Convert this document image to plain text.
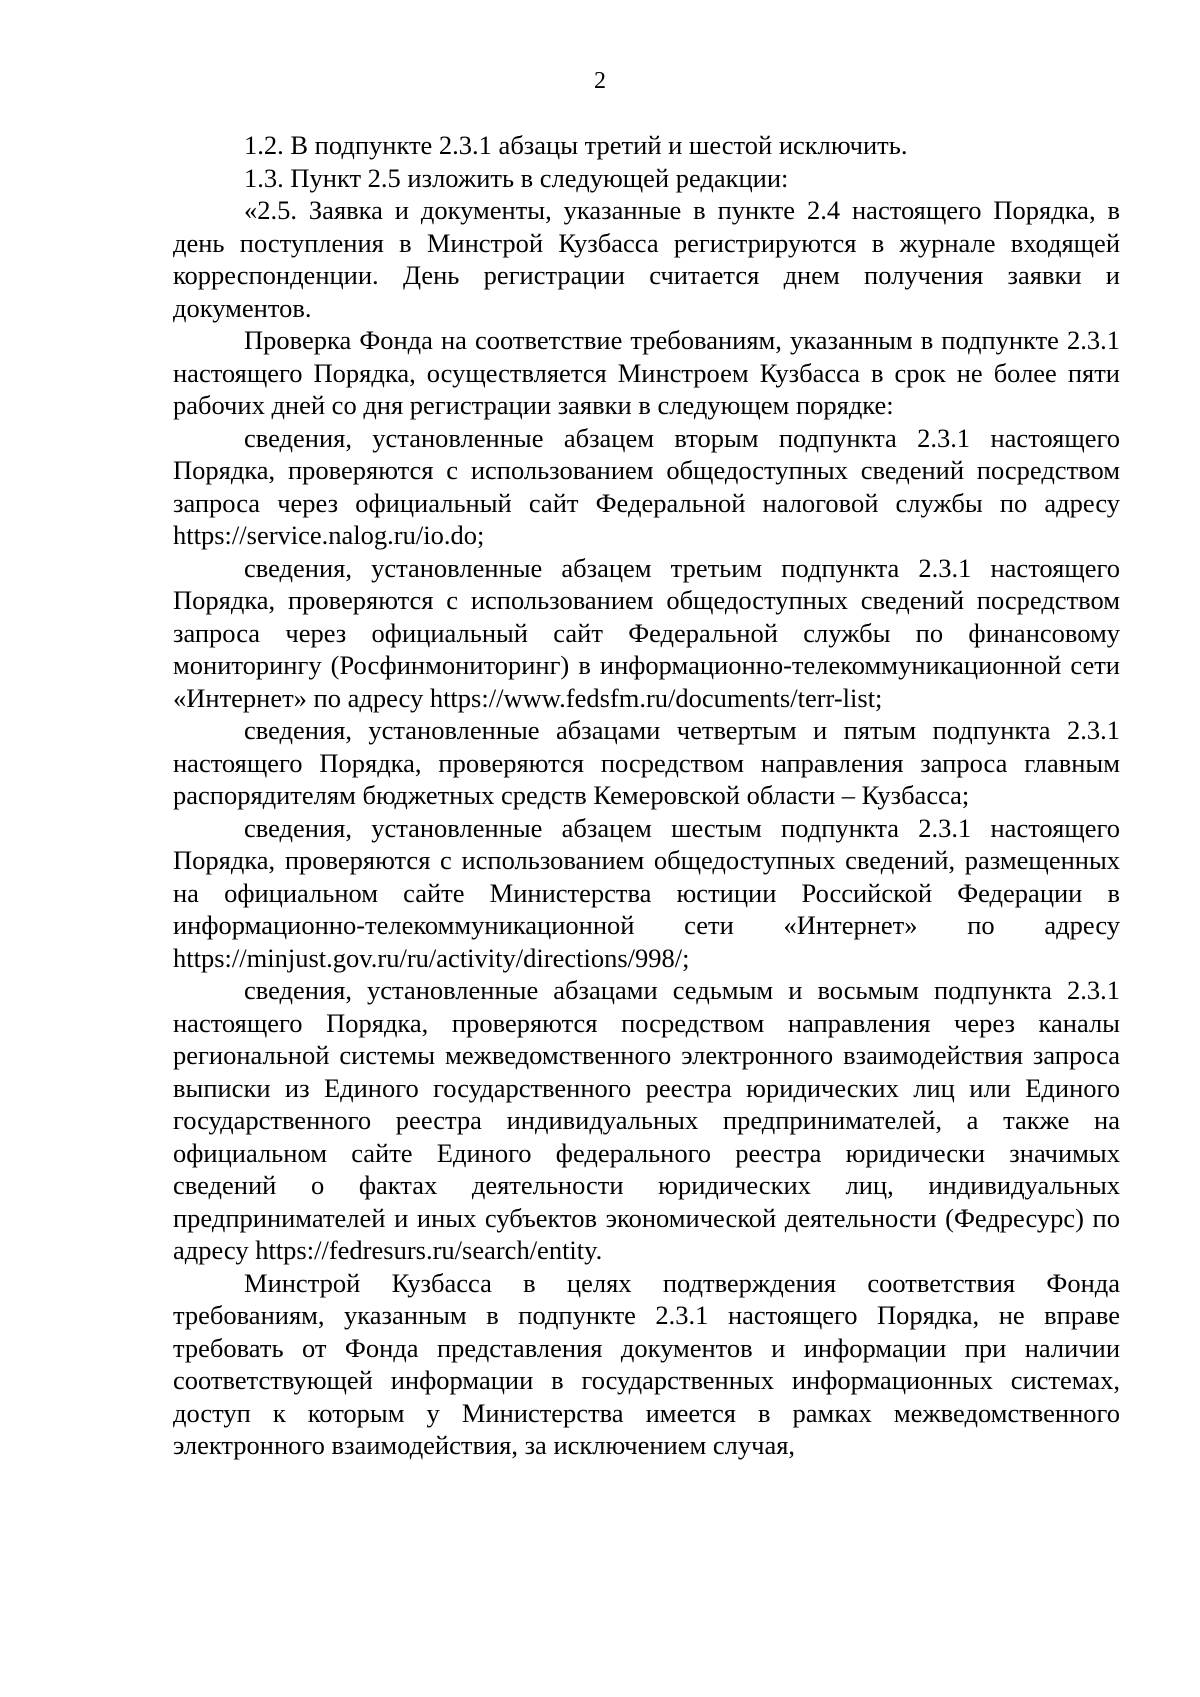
2

1.2. В подпункте 2.3.1 абзацы третий и шестой исключить.

1.3. Пункт 2.5 изложить в следующей редакции:

«2.5. Заявка и документы, указанные в пункте 2.4 настоящего Порядка, в день поступления в Минстрой Кузбасса регистрируются в журнале входящей корреспонденции. День регистрации считается днем получения заявки и документов.

Проверка Фонда на соответствие требованиям, указанным в подпункте 2.3.1 настоящего Порядка, осуществляется Минстроем Кузбасса в срок не более пяти рабочих дней со дня регистрации заявки в следующем порядке:

сведения, установленные абзацем вторым подпункта 2.3.1 настоящего Порядка, проверяются с использованием общедоступных сведений посредством запроса через официальный сайт Федеральной налоговой службы по адресу https://service.nalog.ru/io.do;

сведения, установленные абзацем третьим подпункта 2.3.1 настоящего Порядка, проверяются с использованием общедоступных сведений посредством запроса через официальный сайт Федеральной службы по финансовому мониторингу (Росфинмониторинг) в информационно-телекоммуникационной сети «Интернет» по адресу https://www.fedsfm.ru/documents/terr-list;

сведения, установленные абзацами четвертым и пятым подпункта 2.3.1 настоящего Порядка, проверяются посредством направления запроса главным распорядителям бюджетных средств Кемеровской области – Кузбасса;

сведения, установленные абзацем шестым подпункта 2.3.1 настоящего Порядка, проверяются с использованием общедоступных сведений, размещенных на официальном сайте Министерства юстиции Российской Федерации в информационно-телекоммуникационной сети «Интернет» по адресу https://minjust.gov.ru/ru/activity/directions/998/;

сведения, установленные абзацами седьмым и восьмым подпункта 2.3.1 настоящего Порядка, проверяются посредством направления через каналы региональной системы межведомственного электронного взаимодействия запроса выписки из Единого государственного реестра юридических лиц или Единого государственного реестра индивидуальных предпринимателей, а также на официальном сайте Единого федерального реестра юридически значимых сведений о фактах деятельности юридических лиц, индивидуальных предпринимателей и иных субъектов экономической деятельности (Федресурс) по адресу https://fedresurs.ru/search/entity.

Минстрой Кузбасса в целях подтверждения соответствия Фонда требованиям, указанным в подпункте 2.3.1 настоящего Порядка, не вправе требовать от Фонда представления документов и информации при наличии соответствующей информации в государственных информационных системах, доступ к которым у Министерства имеется в рамках межведомственного электронного взаимодействия, за исключением случая,
